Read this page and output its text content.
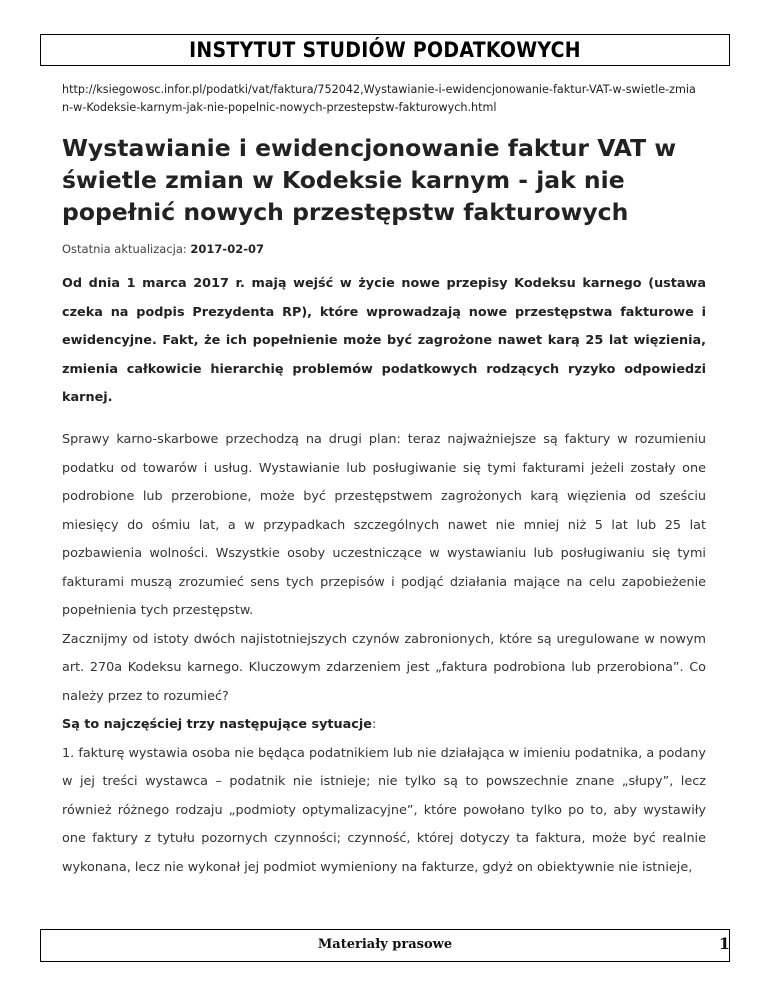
INSTYTUT STUDIÓW PODATKOWYCH
http://ksiegowosc.infor.pl/podatki/vat/faktura/752042,Wystawianie-i-ewidencjonowanie-faktur-VAT-w-swietle-zmian-w-Kodeksie-karnym-jak-nie-popelnic-nowych-przestepstw-fakturowych.html
Wystawianie i ewidencjonowanie faktur VAT w świetle zmian w Kodeksie karnym - jak nie popełnić nowych przestępstw fakturowych
Ostatnia aktualizacja: 2017-02-07

Od dnia 1 marca 2017 r. mają wejść w życie nowe przepisy Kodeksu karnego (ustawa czeka na podpis Prezydenta RP), które wprowadzają nowe przestępstwa fakturowe i ewidencyjne. Fakt, że ich popełnienie może być zagrożone nawet karą 25 lat więzienia, zmienia całkowicie hierarchię problemów podatkowych rodzących ryzyko odpowiedzi karnej.

Sprawy karno-skarbowe przechodzą na drugi plan: teraz najważniejsze są faktury w rozumieniu podatku od towarów i usług. Wystawianie lub posługiwanie się tymi fakturami jeżeli zostały one podrobione lub przerobione, może być przestępstwem zagrożonych karą więzienia od sześciu miesięcy do ośmiu lat, a w przypadkach szczególnych nawet nie mniej niż 5 lat lub 25 lat pozbawienia wolności. Wszystkie osoby uczestniczące w wystawianiu lub posługiwaniu się tymi fakturami muszą zrozumieć sens tych przepisów i podjąć działania mające na celu zapobieżenie popełnienia tych przestępstw.

Zacznijmy od istoty dwóch najistotniejszych czynów zabronionych, które są uregulowane w nowym art. 270a Kodeksu karnego. Kluczowym zdarzeniem jest „faktura podrobiona lub przerobiona”. Co należy przez to rozumieć?

Są to najczęściej trzy następujące sytuacje:

1. fakturę wystawia osoba nie będąca podatnikiem lub nie działająca w imieniu podatnika, a podany w jej treści wystawca – podatnik nie istnieje; nie tylko są to powszechnie znane „słupy”, lecz również różnego rodzaju „podmioty optymalizacyjne”, które powołano tylko po to, aby wystawiły one faktury z tytułu pozornych czynności; czynność, której dotyczy ta faktura, może być realnie wykonana, lecz nie wykonał jej podmiot wymieniony na fakturze, gdyż on obiektywnie nie istnieje,

Materiały prasowe	1
